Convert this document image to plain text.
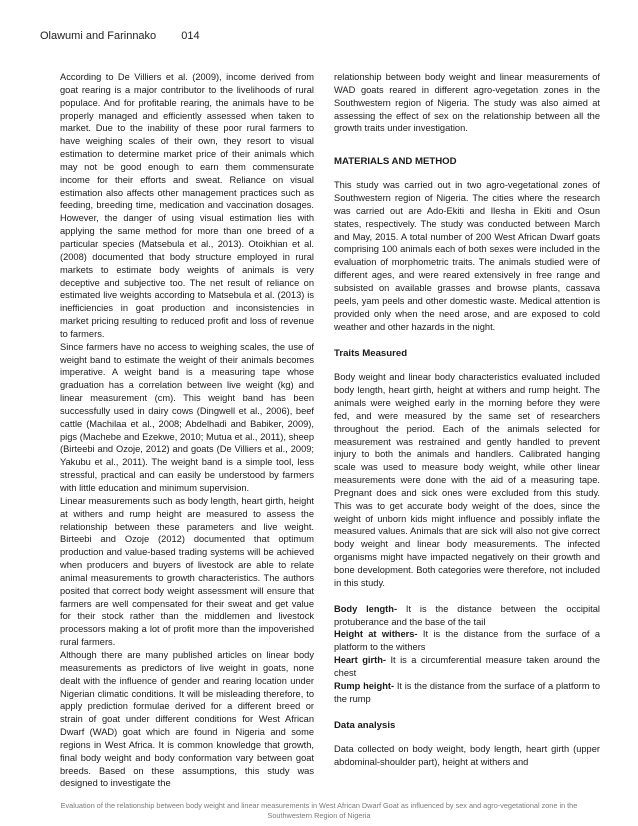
Olawumi and Farinnako 014

According to De Villiers et al. (2009), income derived from goat rearing is a major contributor to the livelihoods of rural populace. And for profitable rearing, the animals have to be properly managed and efficiently assessed when taken to market. Due to the inability of these poor rural farmers to have weighing scales of their own, they resort to visual estimation to determine market price of their animals which may not be good enough to earn them commensurate income for their efforts and sweat. Reliance on visual estimation also affects other management practices such as feeding, breeding time, medication and vaccination dosages. However, the danger of using visual estimation lies with applying the same method for more than one breed of a particular species (Matsebula et al., 2013). Otoikhian et al. (2008) documented that body structure employed in rural markets to estimate body weights of animals is very deceptive and subjective too. The net result of reliance on estimated live weights according to Matsebula et al. (2013) is inefficiencies in goat production and inconsistencies in market pricing resulting to reduced profit and loss of revenue to farmers.

Since farmers have no access to weighing scales, the use of weight band to estimate the weight of their animals becomes imperative. A weight band is a measuring tape whose graduation has a correlation between live weight (kg) and linear measurement (cm). This weight band has been successfully used in dairy cows (Dingwell et al., 2006), beef cattle (Machilaa et al., 2008; Abdelhadi and Babiker, 2009), pigs (Machebe and Ezekwe, 2010; Mutua et al., 2011), sheep (Birteebi and Ozoje, 2012) and goats (De Villiers et al., 2009; Yakubu et al., 2011). The weight band is a simple tool, less stressful, practical and can easily be understood by farmers with little education and minimum supervision.

Linear measurements such as body length, heart girth, height at withers and rump height are measured to assess the relationship between these parameters and live weight. Birteebi and Ozoje (2012) documented that optimum production and value-based trading systems will be achieved when producers and buyers of livestock are able to relate animal measurements to growth characteristics. The authors posited that correct body weight assessment will ensure that farmers are well compensated for their sweat and get value for their stock rather than the middlemen and livestock processors making a lot of profit more than the impoverished rural farmers.

Although there are many published articles on linear body measurements as predictors of live weight in goats, none dealt with the influence of gender and rearing location under Nigerian climatic conditions. It will be misleading therefore, to apply prediction formulae derived for a different breed or strain of goat under different conditions for West African Dwarf (WAD) goat which are found in Nigeria and some regions in West Africa. It is common knowledge that growth, final body weight and body conformation vary between goat breeds. Based on these assumptions, this study was designed to investigate the

relationship between body weight and linear measurements of WAD goats reared in different agro-vegetation zones in the Southwestern region of Nigeria. The study was also aimed at assessing the effect of sex on the relationship between all the growth traits under investigation.

MATERIALS AND METHOD

This study was carried out in two agro-vegetational zones of Southwestern region of Nigeria. The cities where the research was carried out are Ado-Ekiti and Ilesha in Ekiti and Osun states, respectively. The study was conducted between March and May, 2015. A total number of 200 West African Dwarf goats comprising 100 animals each of both sexes were included in the evaluation of morphometric traits. The animals studied were of different ages, and were reared extensively in free range and subsisted on available grasses and browse plants, cassava peels, yam peels and other domestic waste. Medical attention is provided only when the need arose, and are exposed to cold weather and other hazards in the night.

Traits Measured

Body weight and linear body characteristics evaluated included body length, heart girth, height at withers and rump height. The animals were weighed early in the morning before they were fed, and were measured by the same set of researchers throughout the period. Each of the animals selected for measurement was restrained and gently handled to prevent injury to both the animals and handlers. Calibrated hanging scale was used to measure body weight, while other linear measurements were done with the aid of a measuring tape. Pregnant does and sick ones were excluded from this study. This was to get accurate body weight of the does, since the weight of unborn kids might influence and possibly inflate the measured values. Animals that are sick will also not give correct body weight and linear body measurements. The infected organisms might have impacted negatively on their growth and bone development. Both categories were therefore, not included in this study.

Body length- It is the distance between the occipital protuberance and the base of the tail

Height at withers- It is the distance from the surface of a platform to the withers

Heart girth- It is a circumferential measure taken around the chest

Rump height- It is the distance from the surface of a platform to the rump

Data analysis

Data collected on body weight, body length, heart girth (upper abdominal-shoulder part), height at withers and

Evaluation of the relationship between body weight and linear measurements in West African Dwarf Goat as influenced by sex and agro-vegetational zone in the
Southwestern Region of Nigeria
